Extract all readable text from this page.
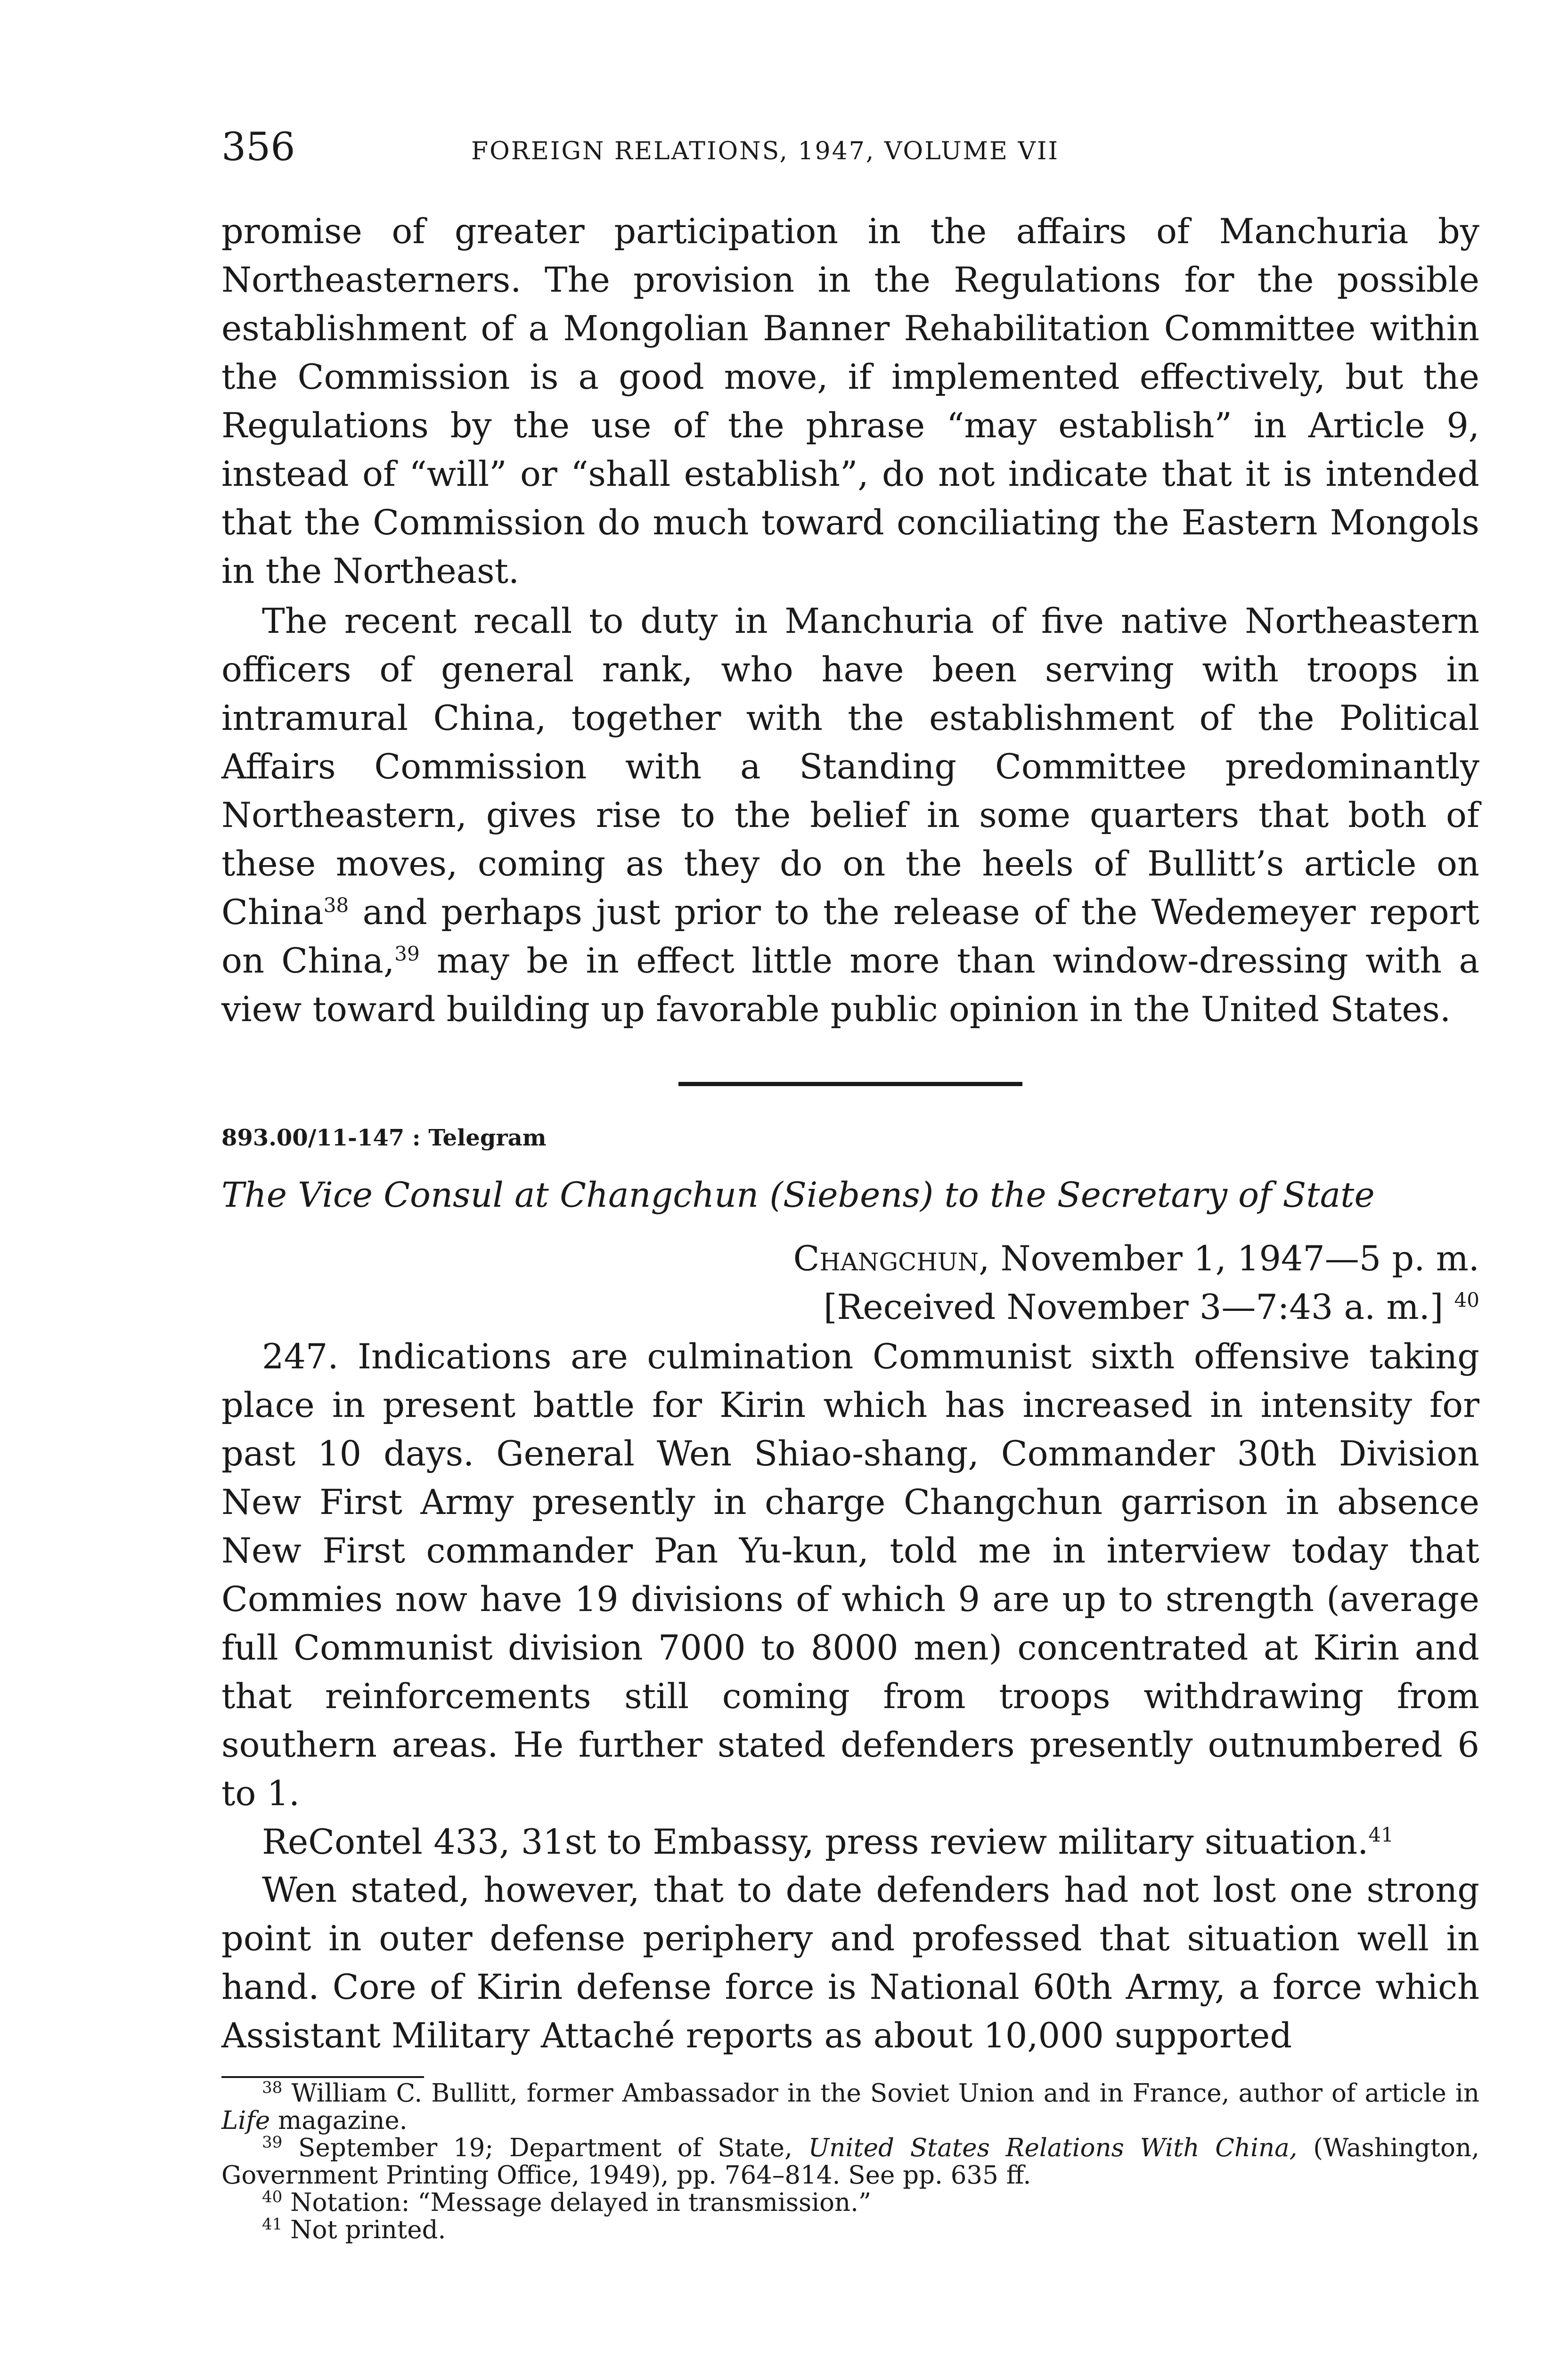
356	FOREIGN RELATIONS, 1947, VOLUME VII

promise of greater participation in the affairs of Manchuria by Northeasterners. The provision in the Regulations for the possible establishment of a Mongolian Banner Rehabilitation Committee within the Commission is a good move, if implemented effectively, but the Regulations by the use of the phrase “may establish” in Article 9, instead of “will” or “shall establish”, do not indicate that it is intended that the Commission do much toward conciliating the Eastern Mongols in the Northeast.

The recent recall to duty in Manchuria of five native Northeastern officers of general rank, who have been serving with troops in intramural China, together with the establishment of the Political Affairs Commission with a Standing Committee predominantly Northeastern, gives rise to the belief in some quarters that both of these moves, coming as they do on the heels of Bullitt’s article on China$^{38}$ and perhaps just prior to the release of the Wedemeyer report on China,$^{39}$ may be in effect little more than window-dressing with a view toward building up favorable public opinion in the United States.

893.00/11-147 : Telegram
The Vice Consul at Changchun (Siebens) to the Secretary of State
Changchun, November 1, 1947—5 p. m.
[Received November 3—7:43 a. m.] $^{40}$

247. Indications are culmination Communist sixth offensive taking place in present battle for Kirin which has increased in intensity for past 10 days. General Wen Shiao-shang, Commander 30th Division New First Army presently in charge Changchun garrison in absence New First commander Pan Yu-kun, told me in interview today that Commies now have 19 divisions of which 9 are up to strength (average full Communist division 7000 to 8000 men) concentrated at Kirin and that reinforcements still coming from troops withdrawing from southern areas. He further stated defenders presently outnumbered 6 to 1.

ReContel 433, 31st to Embassy, press review military situation.$^{41}$

Wen stated, however, that to date defenders had not lost one strong point in outer defense periphery and professed that situation well in hand. Core of Kirin defense force is National 60th Army, a force which Assistant Military Attaché reports as about 10,000 supported

$^{38}$ William C. Bullitt, former Ambassador in the Soviet Union and in France, author of article in Life magazine.

$^{39}$ September 19; Department of State, United States Relations With China, (Washington, Government Printing Office, 1949), pp. 764–814. See pp. 635 ff.

$^{40}$ Notation: “Message delayed in transmission.”

$^{41}$ Not printed.
